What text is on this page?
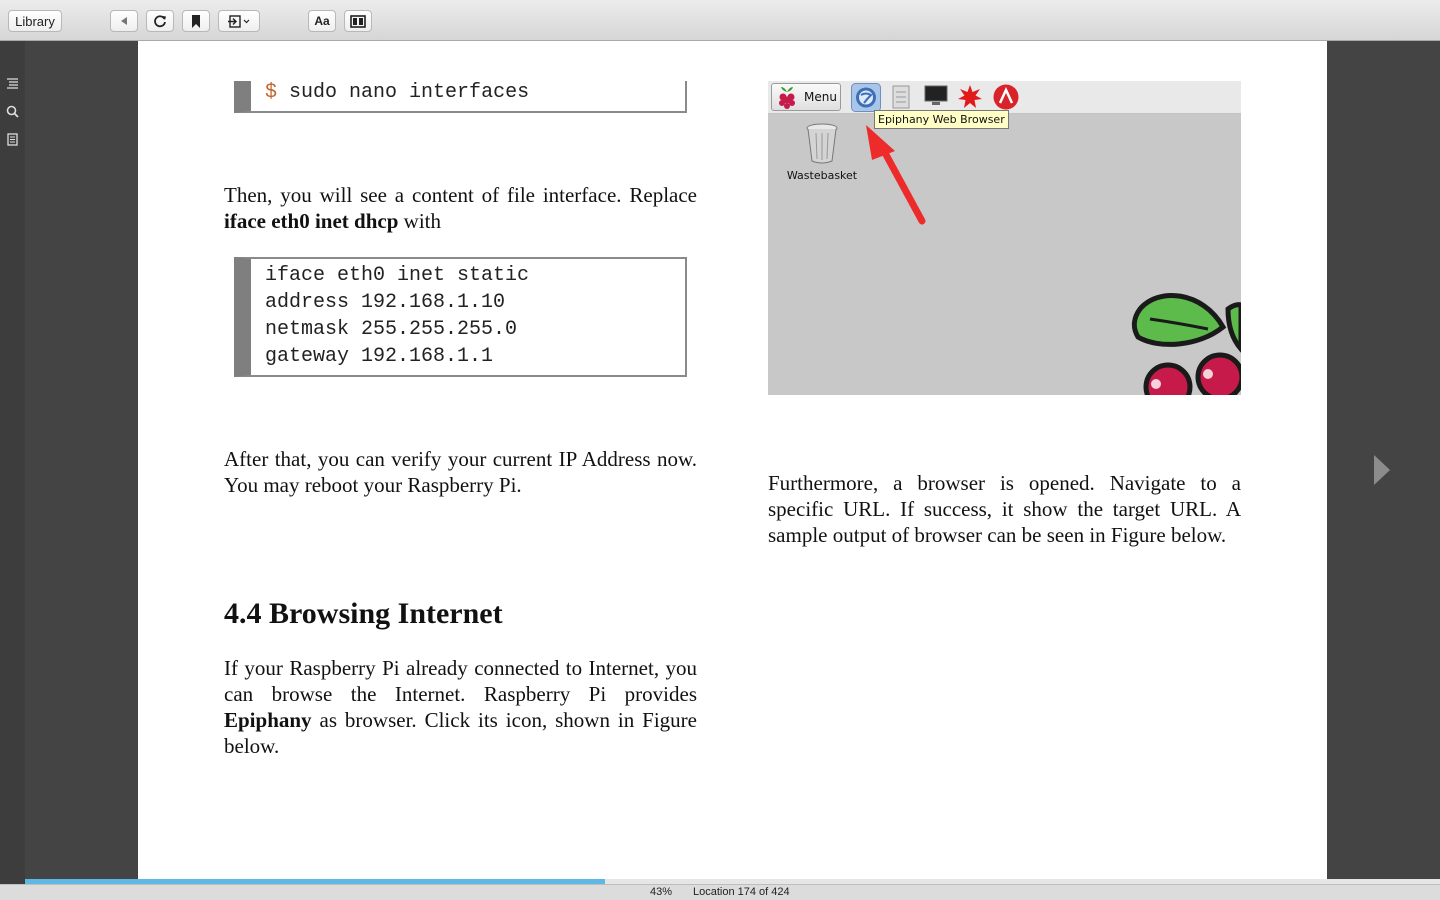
Library	Aa
$ sudo nano interfaces
Then, you will see a content of file interface. Replace iface eth0 inet dhcp with
iface eth0 inet static
address 192.168.1.10
netmask 255.255.255.0
gateway 192.168.1.1
After that, you can verify your current IP Address now. You may reboot your Raspberry Pi.
4.4 Browsing Internet
If your Raspberry Pi already connected to Internet, you can browse the Internet. Raspberry Pi provides Epiphany as browser. Click its icon, shown in Figure below.
Furthermore, a browser is opened. Navigate to a specific URL. If success, it show the target URL. A sample output of browser can be seen in Figure below.
Menu
Epiphany Web Browser
Wastebasket
43% Location 174 of 424
